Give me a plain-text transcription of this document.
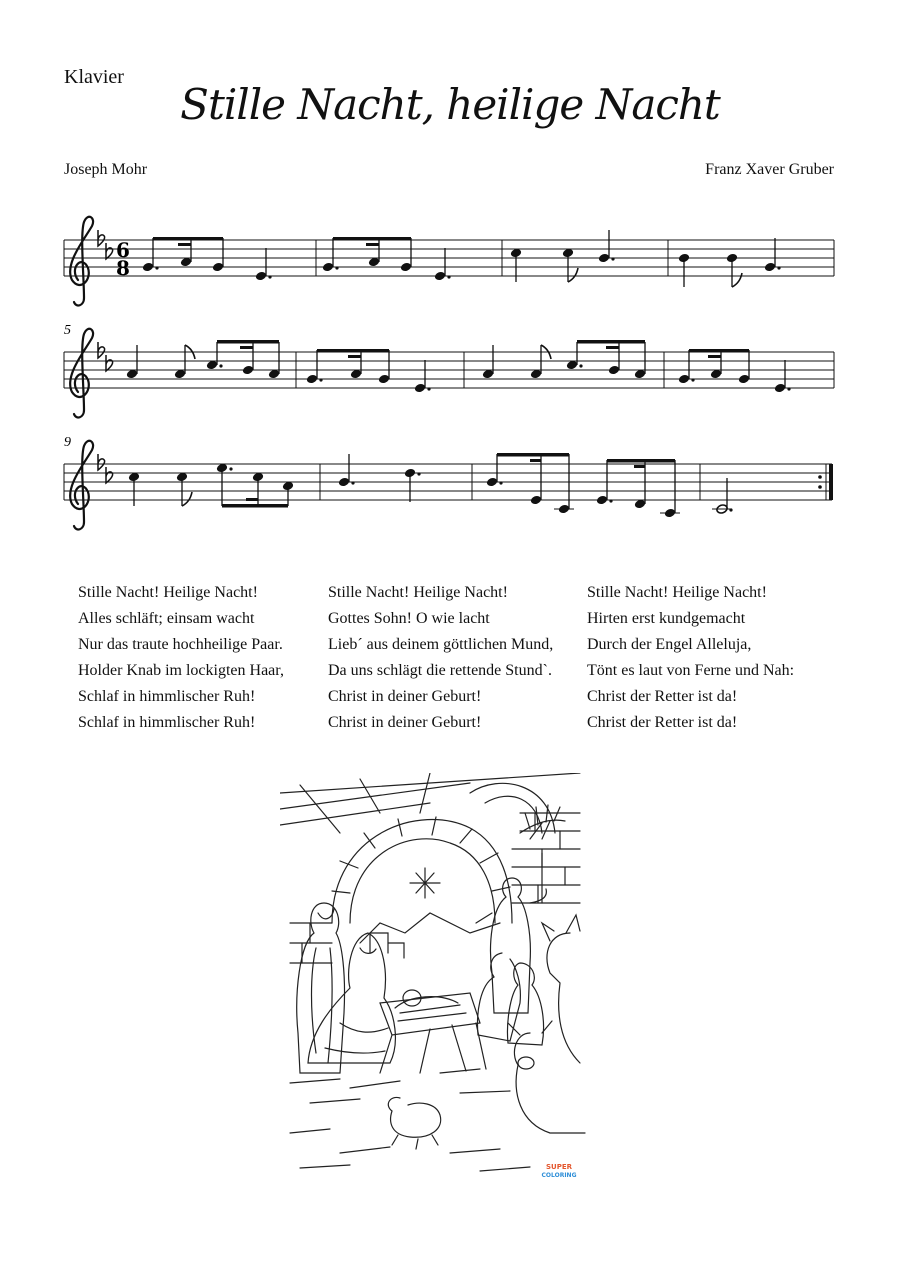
Klavier
Stille Nacht, heilige Nacht
Joseph Mohr	Franz Xaver Gruber
6
8
5
9
Stille Nacht! Heilige Nacht!
Alles schläft; einsam wacht
Nur das traute hochheilige Paar.
Holder Knab im lockigten Haar,
Schlaf in himmlischer Ruh!
Schlaf in himmlischer Ruh!
Stille Nacht! Heilige Nacht!
Gottes Sohn! O wie lacht
Lieb´ aus deinem göttlichen Mund,
Da uns schlägt die rettende Stund`.
Christ in deiner Geburt!
Christ in deiner Geburt!
Stille Nacht! Heilige Nacht!
Hirten erst kundgemacht
Durch der Engel Alleluja,
Tönt es laut von Ferne und Nah:
Christ der Retter ist da!
Christ der Retter ist da!
SUPER
COLORING
